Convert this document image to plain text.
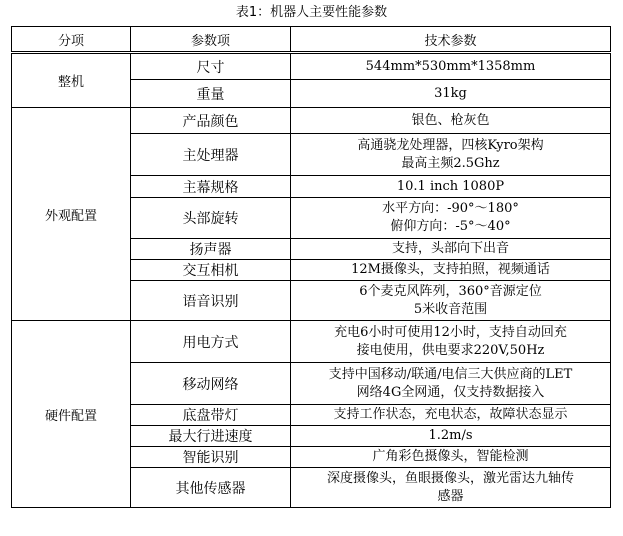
表1：机器人主要性能参数
分项	参数项	技术参数
整机	尺寸	544mm*530mm*1358mm

	重量	31kg

外观配置	产品颜色	银色、枪灰色

	主处理器	高通骁龙处理器，四核Kyro架构
最高主频2.5Ghz

	主幕规格	10.1 inch 1080P

	头部旋转	水平方向：-90°～180°
俯仰方向：-5°～40°

	扬声器	支持，头部向下出音

	交互相机	12M摄像头，支持拍照，视频通话

	语音识别	6个麦克风阵列，360°音源定位
5米收音范围

硬件配置	用电方式	充电6小时可使用12小时，支持自动回充
接电使用，供电要求220V,50Hz

	移动网络	支持中国移动/联通/电信三大供应商的LET
网络4G全网通，仅支持数据接入

	底盘带灯	支持工作状态，充电状态，故障状态显示

	最大行进速度	1.2m/s

	智能识别	广角彩色摄像头，智能检测

	其他传感器	深度摄像头，鱼眼摄像头，激光雷达九轴传
感器
